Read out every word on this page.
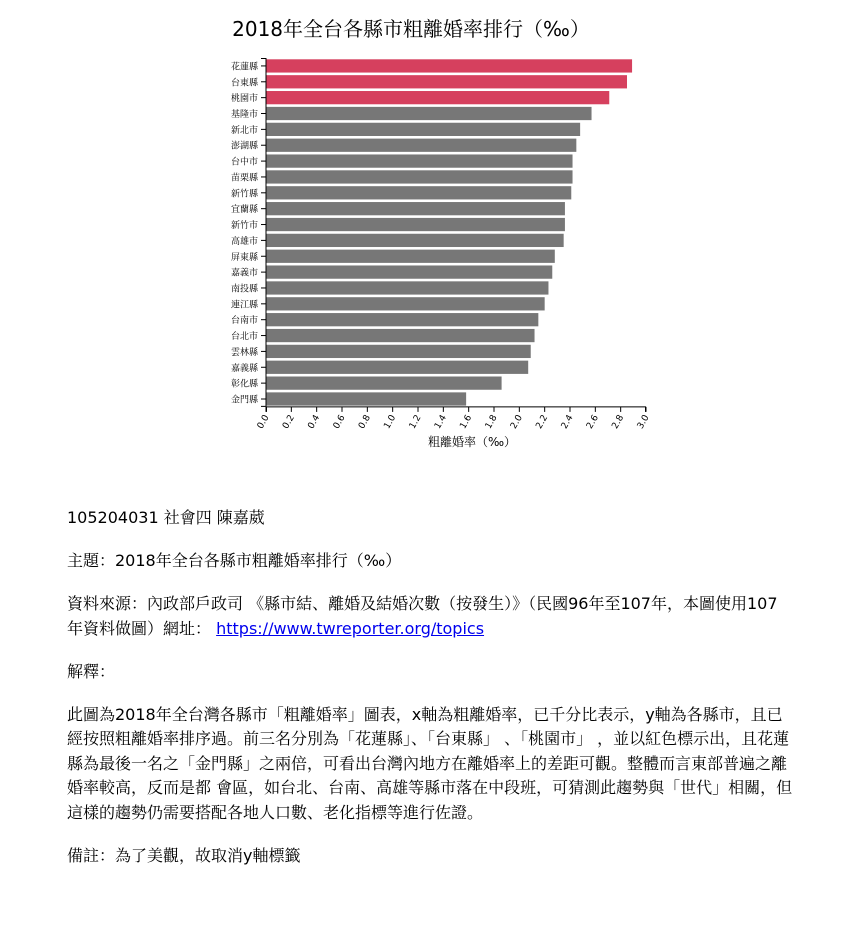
2018年全台各縣市粗離婚率排行（‰）
花蓮縣
台東縣
桃園市
基隆市
新北市
澎湖縣
台中市
苗栗縣
新竹縣
宜蘭縣
新竹市
高雄市
屏東縣
嘉義市
南投縣
連江縣
台南市
台北市
雲林縣
嘉義縣
彰化縣
金門縣
0.0 0.2 0.4 0.6 0.8 1.0 1.2 1.4 1.6 1.8 2.0 2.2 2.4 2.6 2.8 3.0
粗離婚率（‰）

105204031 社會四 陳嘉葳

主題：2018年全台各縣市粗離婚率排行（‰）

資料來源：內政部戶政司 《縣市結、離婚及結婚次數（按發生）》（民國96年至107年，本圖使用107年資料做圖）網址： https://www.twreporter.org/topics

解釋：

此圖為2018年全台灣各縣市「粗離婚率」圖表，x軸為粗離婚率，已千分比表示，y軸為各縣市，且已經按照粗離婚率排序過。前三名分別為「花蓮縣」、「台東縣」 、「桃園市」 ，並以紅色標示出，且花蓮縣為最後一名之「金門縣」之兩倍，可看出台灣內地方在離婚率上的差距可觀。整體而言東部普遍之離婚率較高，反而是都 會區，如台北、台南、高雄等縣市落在中段班，可猜測此趨勢與「世代」相關，但這樣的趨勢仍需要搭配各地人口數、老化指標等進行佐證。

備註：為了美觀，故取消y軸標籤
